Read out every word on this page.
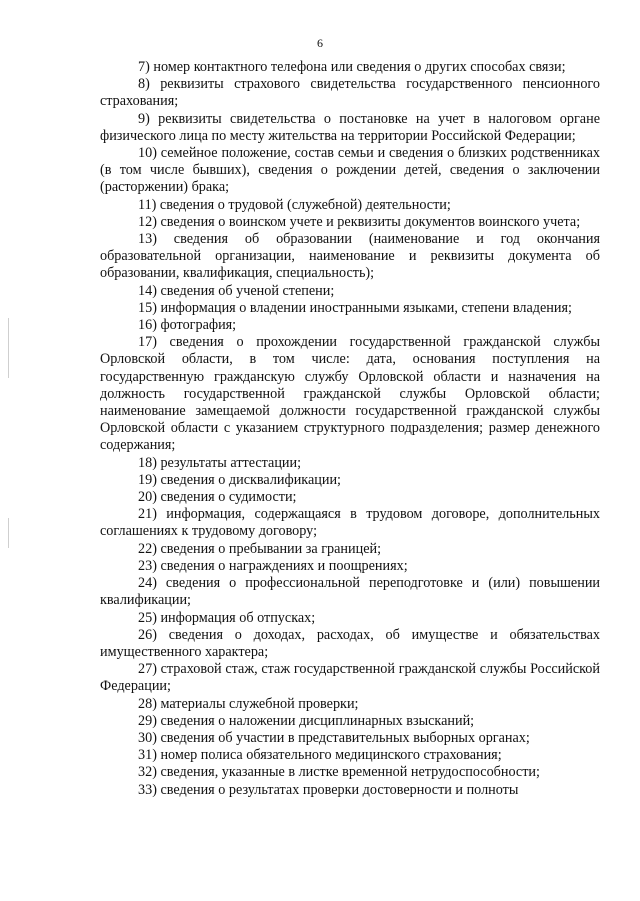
6

7) номер контактного телефона или сведения о других способах связи;

8) реквизиты страхового свидетельства государственного пенсионного страхования;

9) реквизиты свидетельства о постановке на учет в налоговом органе физического лица по месту жительства на территории Российской Федерации;

10) семейное положение, состав семьи и сведения о близких родственниках (в том числе бывших), сведения о рождении детей, сведения о заключении (расторжении) брака;

11) сведения о трудовой (служебной) деятельности;

12) сведения о воинском учете и реквизиты документов воинского учета;

13) сведения об образовании (наименование и год окончания образовательной организации, наименование и реквизиты документа об образовании, квалификация, специальность);

14) сведения об ученой степени;

15) информация о владении иностранными языками, степени владения;

16) фотография;

17) сведения о прохождении государственной гражданской службы Орловской области, в том числе: дата, основания поступления на государственную гражданскую службу Орловской области и назначения на должность государственной гражданской службы Орловской области; наименование замещаемой должности государственной гражданской службы Орловской области с указанием структурного подразделения; размер денежного содержания;

18) результаты аттестации;

19) сведения о дисквалификации;

20) сведения о судимости;

21) информация, содержащаяся в трудовом договоре, дополнительных соглашениях к трудовому договору;

22) сведения о пребывании за границей;

23) сведения о награждениях и поощрениях;

24) сведения о профессиональной переподготовке и (или) повышении квалификации;

25) информация об отпусках;

26) сведения о доходах, расходах, об имуществе и обязательствах имущественного характера;

27) страховой стаж, стаж государственной гражданской службы Российской Федерации;

28) материалы служебной проверки;

29) сведения о наложении дисциплинарных взысканий;

30) сведения об участии в представительных выборных органах;

31) номер полиса обязательного медицинского страхования;

32) сведения, указанные в листке временной нетрудоспособности;

33) сведения о результатах проверки достоверности и полноты
